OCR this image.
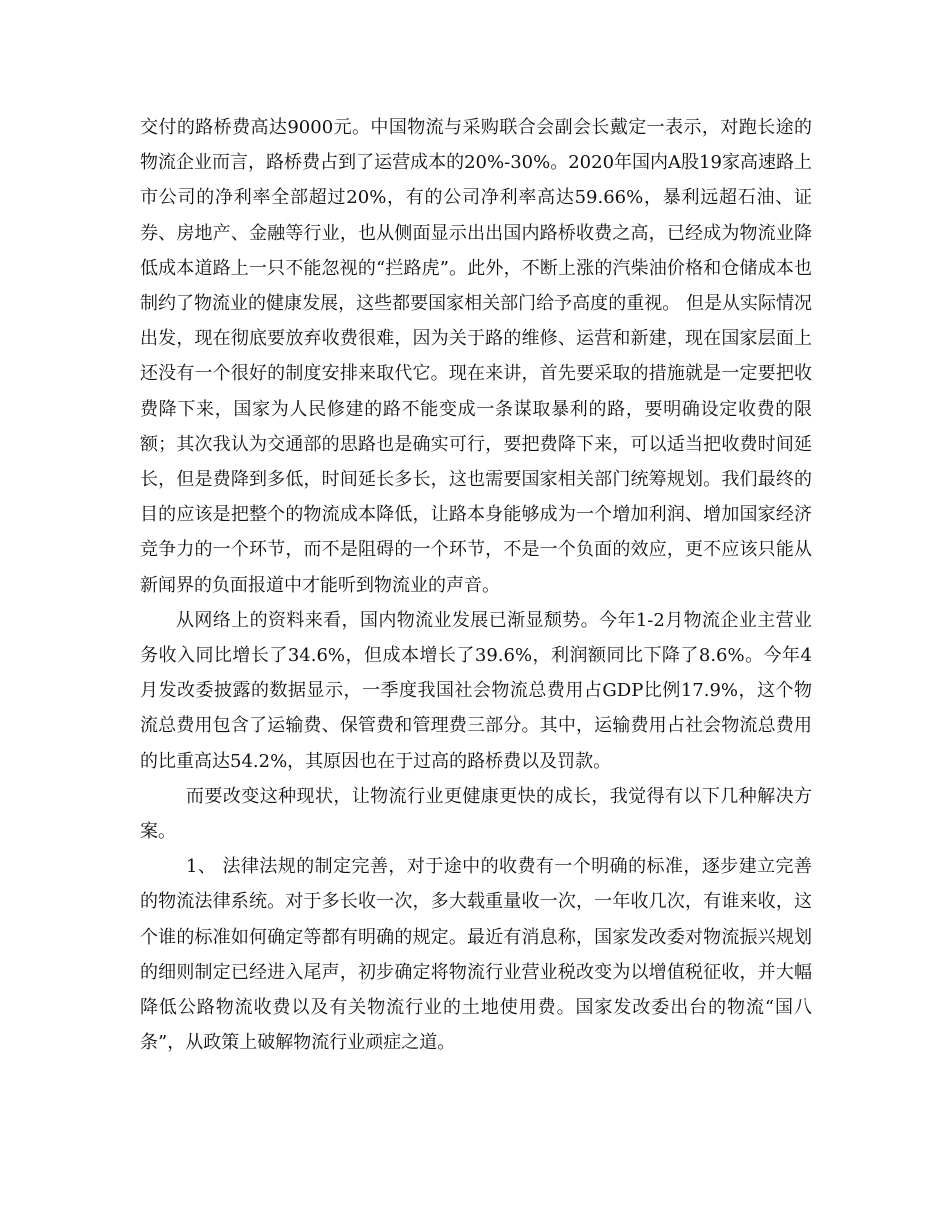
交付的路桥费高达9000元。中国物流与采购联合会副会长戴定一表示，对跑长途的物流企业而言，路桥费占到了运营成本的20%-30%。2020年国内A股19家高速路上市公司的净利率全部超过20%，有的公司净利率高达59.66%，暴利远超石油、证券、房地产、金融等行业，也从侧面显示出出国内路桥收费之高，已经成为物流业降低成本道路上一只不能忽视的“拦路虎”。此外，不断上涨的汽柴油价格和仓储成本也制约了物流业的健康发展，这些都要国家相关部门给予高度的重视。 但是从实际情况出发，现在彻底要放弃收费很难，因为关于路的维修、运营和新建，现在国家层面上还没有一个很好的制度安排来取代它。现在来讲，首先要采取的措施就是一定要把收费降下来，国家为人民修建的路不能变成一条谋取暴利的路，要明确设定收费的限额；其次我认为交通部的思路也是确实可行，要把费降下来，可以适当把收费时间延长，但是费降到多低，时间延长多长，这也需要国家相关部门统筹规划。我们最终的目的应该是把整个的物流成本降低，让路本身能够成为一个增加利润、增加国家经济竞争力的一个环节，而不是阻碍的一个环节，不是一个负面的效应，更不应该只能从新闻界的负面报道中才能听到物流业的声音。

从网络上的资料来看，国内物流业发展已渐显颓势。今年1-2月物流企业主营业务收入同比增长了34.6%，但成本增长了39.6%，利润额同比下降了8.6%。今年4月发改委披露的数据显示，一季度我国社会物流总费用占GDP比例17.9%，这个物流总费用包含了运输费、保管费和管理费三部分。其中，运输费用占社会物流总费用的比重高达54.2%，其原因也在于过高的路桥费以及罚款。

而要改变这种现状，让物流行业更健康更快的成长，我觉得有以下几种解决方案。

1、 法律法规的制定完善，对于途中的收费有一个明确的标准，逐步建立完善的物流法律系统。对于多长收一次，多大载重量收一次，一年收几次，有谁来收，这个谁的标准如何确定等都有明确的规定。最近有消息称，国家发改委对物流振兴规划的细则制定已经进入尾声，初步确定将物流行业营业税改变为以增值税征收，并大幅降低公路物流收费以及有关物流行业的土地使用费。国家发改委出台的物流“国八条”，从政策上破解物流行业顽症之道。
